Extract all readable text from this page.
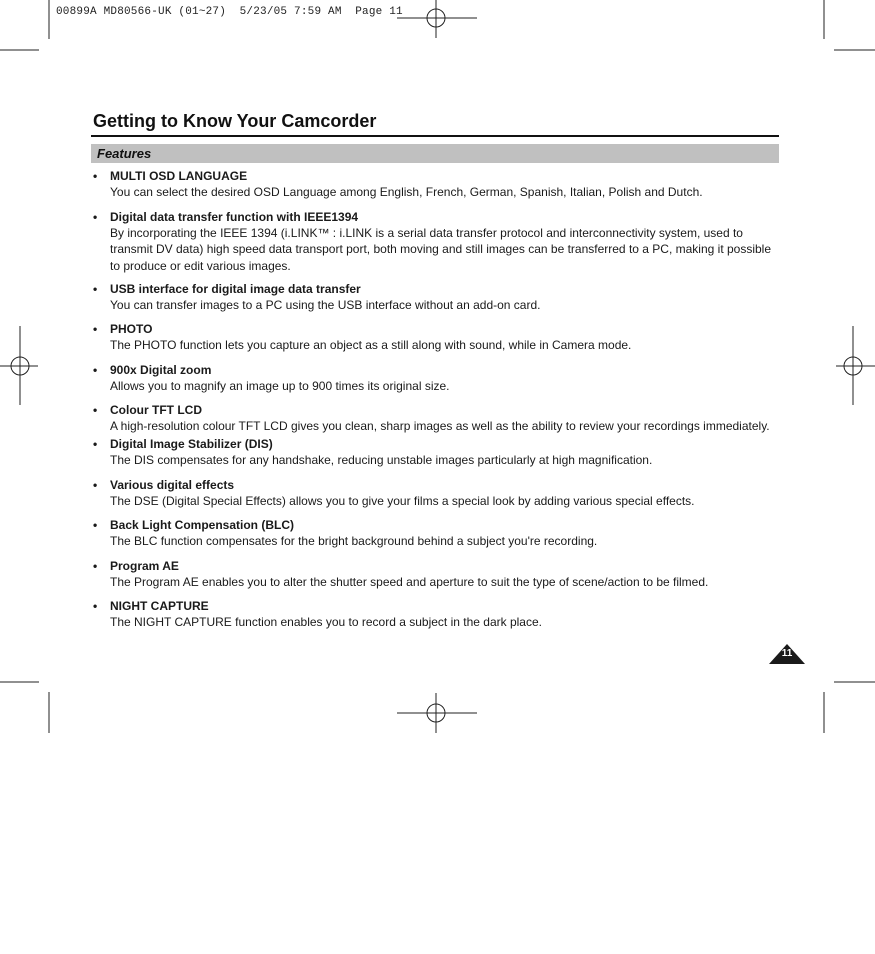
00899A MD80566-UK (01~27)  5/23/05 7:59 AM  Page 11
Getting to Know Your Camcorder
Features
• MULTI OSD LANGUAGE
You can select the desired OSD Language among English, French, German, Spanish, Italian, Polish and Dutch.
• Digital data transfer function with IEEE1394
By incorporating the IEEE 1394 (i.LINK™ : i.LINK is a serial data transfer protocol and interconnectivity system, used to transmit DV data) high speed data transport port, both moving and still images can be transferred to a PC, making it possible to produce or edit various images.
• USB interface for digital image data transfer
You can transfer images to a PC using the USB interface without an add-on card.
• PHOTO
The PHOTO function lets you capture an object as a still along with sound, while in Camera mode.
• 900x Digital zoom
Allows you to magnify an image up to 900 times its original size.
• Colour TFT LCD
A high-resolution colour TFT LCD gives you clean, sharp images as well as the ability to review your recordings immediately.
• Digital Image Stabilizer (DIS)
The DIS compensates for any handshake, reducing unstable images particularly at high magnification.
• Various digital effects
The DSE (Digital Special Effects) allows you to give your films a special look by adding various special effects.
• Back Light Compensation (BLC)
The BLC function compensates for the bright background behind a subject you're recording.
• Program AE
The Program AE enables you to alter the shutter speed and aperture to suit the type of scene/action to be filmed.
• NIGHT CAPTURE
The NIGHT CAPTURE function enables you to record a subject in the dark place.
11
